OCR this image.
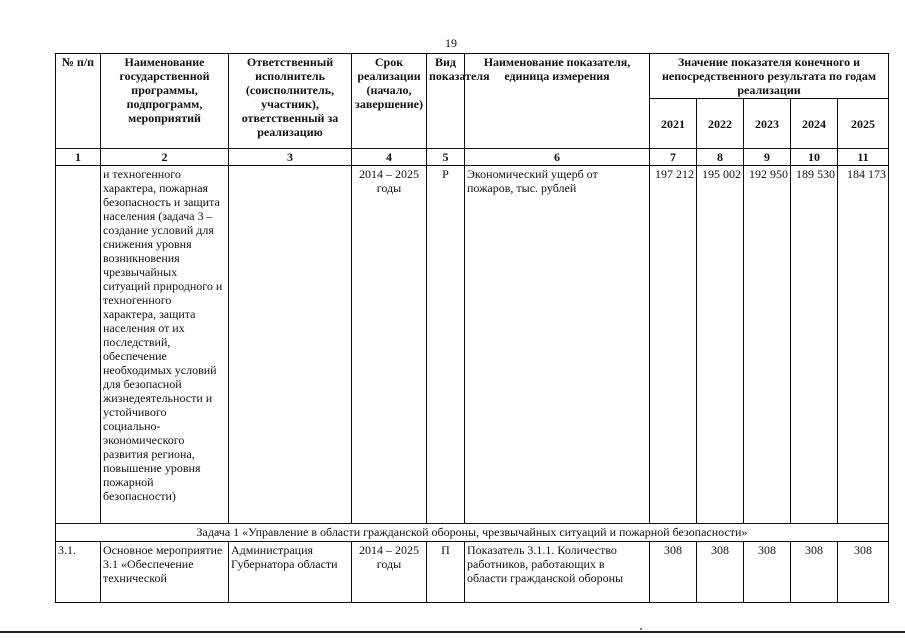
19
№ п/п	Наименование государственной программы, подпрограмм, мероприятий	Ответственный исполнитель (соисполнитель, участник), ответственный за реализацию	Срок реализации (начало, завершение)	Вид показателя	Наименование показателя, единица измерения	Значение показателя конечного и непосредственного результата по годам реализации				
						2021	2022	2023	2024	2025
1	2	3	4	5	6	7	8	9	10	11
	и техногенного характера, пожарная безопасность и защита населения (задача 3 – создание условий для снижения уровня возникновения чрезвычайных ситуаций природного и техногенного характера, защита населения от их последствий, обеспечение необходимых условий для безопасной жизнедеятельности и устойчивого социально-экономического развития региона, повышение уровня пожарной безопасности)		2014 – 2025 годы	Р	Экономический ущерб от пожаров, тыс. рублей	197 212	195 002	192 950	189 530	184 173
Задача 1 «Управление в области гражданской обороны, чрезвычайных ситуаций и пожарной безопасности»										
3.1.	Основное мероприятие 3.1 «Обеспечение технической	Администрация Губернатора области	2014 – 2025 годы	П	Показатель 3.1.1. Количество работников, работающих в области гражданской обороны	308	308	308	308	308
